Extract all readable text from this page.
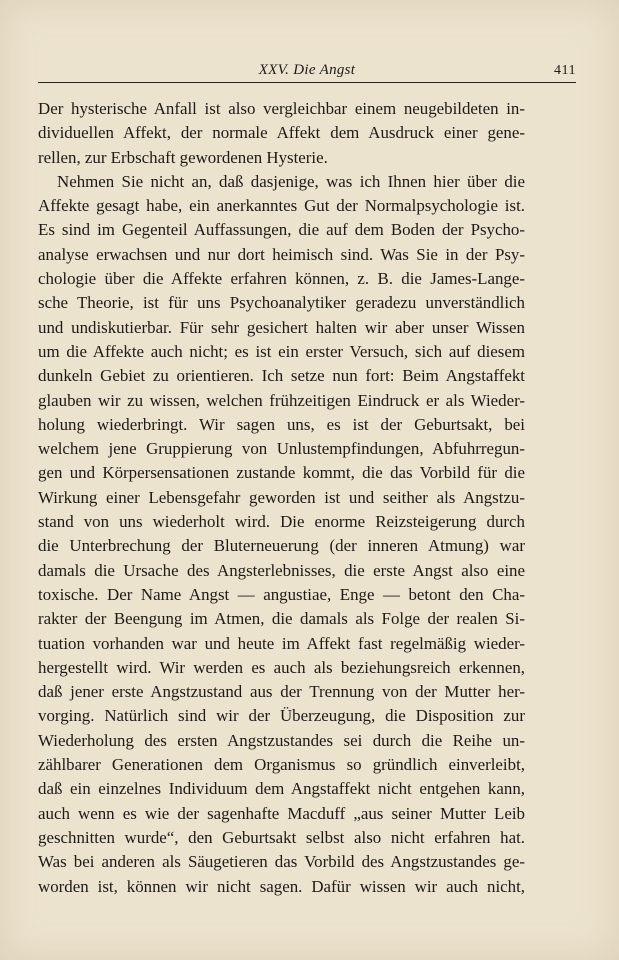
XXV. Die Angst	411
Der hysterische Anfall ist also vergleichbar einem neugebildeten in-
dividuellen Affekt, der normale Affekt dem Ausdruck einer gene-
rellen, zur Erbschaft gewordenen Hysterie.
Nehmen Sie nicht an, daß dasjenige, was ich Ihnen hier über die
Affekte gesagt habe, ein anerkanntes Gut der Normalpsychologie ist.
Es sind im Gegenteil Auffassungen, die auf dem Boden der Psycho-
analyse erwachsen und nur dort heimisch sind. Was Sie in der Psy-
chologie über die Affekte erfahren können, z. B. die James-Lange-
sche Theorie, ist für uns Psychoanalytiker geradezu unverständlich
und undiskutierbar. Für sehr gesichert halten wir aber unser Wissen
um die Affekte auch nicht; es ist ein erster Versuch, sich auf diesem
dunkeln Gebiet zu orientieren. Ich setze nun fort: Beim Angstaffekt
glauben wir zu wissen, welchen frühzeitigen Eindruck er als Wieder-
holung wiederbringt. Wir sagen uns, es ist der Geburtsakt, bei
welchem jene Gruppierung von Unlustempfindungen, Abfuhrregun-
gen und Körpersensationen zustande kommt, die das Vorbild für die
Wirkung einer Lebensgefahr geworden ist und seither als Angstzu-
stand von uns wiederholt wird. Die enorme Reizsteigerung durch
die Unterbrechung der Bluterneuerung (der inneren Atmung) war
damals die Ursache des Angsterlebnisses, die erste Angst also eine
toxische. Der Name Angst — angustiae, Enge — betont den Cha-
rakter der Beengung im Atmen, die damals als Folge der realen Si-
tuation vorhanden war und heute im Affekt fast regelmäßig wieder-
hergestellt wird. Wir werden es auch als beziehungsreich erkennen,
daß jener erste Angstzustand aus der Trennung von der Mutter her-
vorging. Natürlich sind wir der Überzeugung, die Disposition zur
Wiederholung des ersten Angstzustandes sei durch die Reihe un-
zählbarer Generationen dem Organismus so gründlich einverleibt,
daß ein einzelnes Individuum dem Angstaffekt nicht entgehen kann,
auch wenn es wie der sagenhafte Macduff „aus seiner Mutter Leib
geschnitten wurde“, den Geburtsakt selbst also nicht erfahren hat.
Was bei anderen als Säugetieren das Vorbild des Angstzustandes ge-
worden ist, können wir nicht sagen. Dafür wissen wir auch nicht,
